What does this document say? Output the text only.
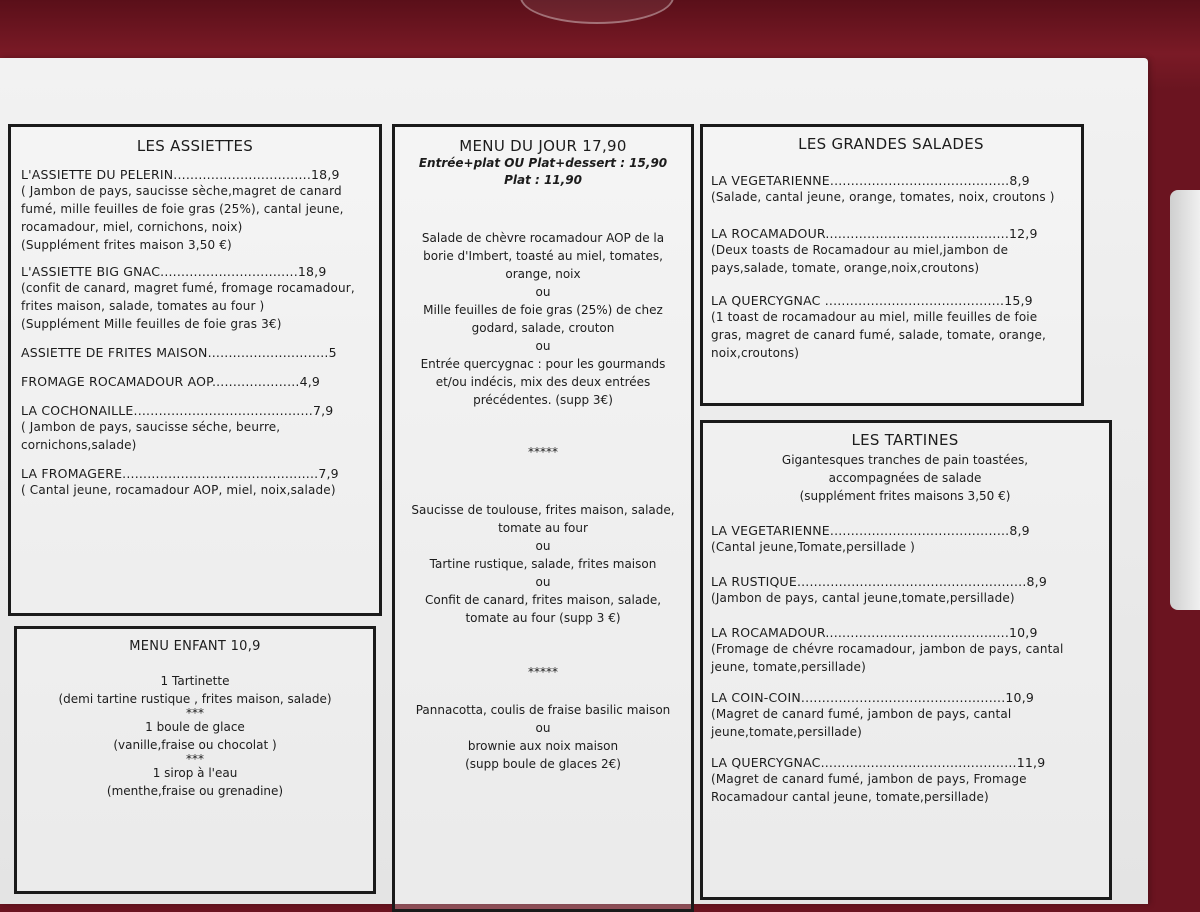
LES ASSIETTES
L'ASSIETTE DU PELERIN.................................18,9
( Jambon de pays, saucisse sèche,magret de canard fumé, mille feuilles de foie gras (25%), cantal jeune, rocamadour, miel, cornichons, noix)
(Supplément frites maison 3,50 €)
L'ASSIETTE BIG GNAC.................................18,9
(confit de canard, magret fumé, fromage rocamadour, frites maison, salade, tomates au four )
(Supplément Mille feuilles de foie gras 3€)
ASSIETTE DE FRITES MAISON.............................5
FROMAGE ROCAMADOUR AOP.....................4,9
LA COCHONAILLE...........................................7,9
( Jambon de pays, saucisse séche, beurre, cornichons,salade)
LA FROMAGERE...............................................7,9
( Cantal jeune, rocamadour AOP, miel, noix,salade)
MENU ENFANT 10,9
1 Tartinette
(demi tartine rustique , frites maison, salade)
***
1 boule de glace
(vanille,fraise ou chocolat )
***
1 sirop à l'eau
(menthe,fraise ou grenadine)
MENU DU JOUR 17,90
Entrée+plat OU Plat+dessert : 15,90
Plat : 11,90
Salade de chèvre rocamadour AOP de la borie d'Imbert, toasté au miel, tomates, orange, noix
ou
Mille feuilles de foie gras (25%) de chez godard, salade, crouton
ou
Entrée quercygnac : pour les gourmands et/ou indécis, mix des deux entrées précédentes. (supp 3€)
*****
Saucisse de toulouse, frites maison, salade, tomate au four
ou
Tartine rustique, salade, frites maison
ou
Confit de canard, frites maison, salade, tomate au four (supp 3 €)
*****
Pannacotta, coulis de fraise basilic maison
ou
brownie aux noix maison
(supp boule de glaces 2€)
LES GRANDES SALADES
LA VEGETARIENNE...........................................8,9
(Salade, cantal jeune, orange, tomates, noix, croutons )
LA ROCAMADOUR............................................12,9
(Deux toasts de Rocamadour au miel,jambon de pays,salade, tomate, orange,noix,croutons)
LA QUERCYGNAC ...........................................15,9
(1 toast de rocamadour au miel, mille feuilles de foie gras, magret de canard fumé, salade, tomate, orange, noix,croutons)
LES TARTINES
Gigantesques tranches de pain toastées,
accompagnées de salade
(supplément frites maisons 3,50 €)
LA VEGETARIENNE...........................................8,9
(Cantal jeune,Tomate,persillade )
LA RUSTIQUE.......................................................8,9
(Jambon de pays, cantal jeune,tomate,persillade)
LA ROCAMADOUR............................................10,9
(Fromage de chévre rocamadour, jambon de pays, cantal jeune, tomate,persillade)
LA COIN-COIN.................................................10,9
(Magret de canard fumé, jambon de pays, cantal jeune,tomate,persillade)
LA QUERCYGNAC...............................................11,9
(Magret de canard fumé, jambon de pays, Fromage Rocamadour cantal jeune, tomate,persillade)
